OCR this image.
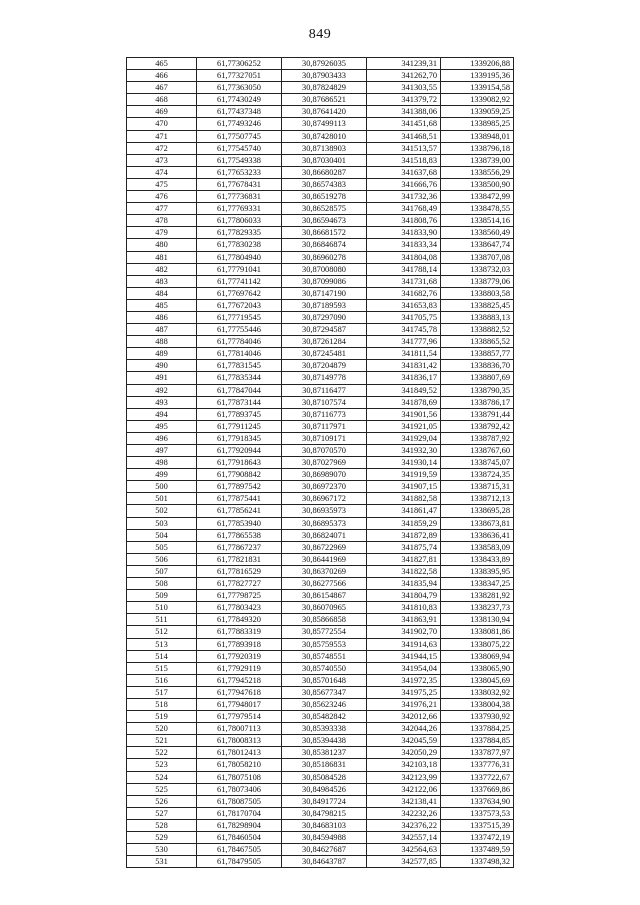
849
465	61,77306252	30,87926035	341239,31	1339206,88
466	61,77327051	30,87903433	341262,70	1339195,36
467	61,77363050	30,87824829	341303,55	1339154,58
468	61,77430249	30,87686521	341379,72	1339082,92
469	61,77437348	30,87641420	341388,06	1339059,25
470	61,77493246	30,87499113	341451,68	1338985,25
471	61,77507745	30,87428010	341468,51	1338948,01
472	61,77545740	30,87138903	341513,57	1338796,18
473	61,77549338	30,87030401	341518,83	1338739,00
474	61,77653233	30,86680287	341637,68	1338556,29
475	61,77678431	30,86574383	341666,76	1338500,90
476	61,77736831	30,86519278	341732,36	1338472,99
477	61,77769331	30,86528575	341768,49	1338478,55
478	61,77806033	30,86594673	341808,76	1338514,16
479	61,77829335	30,86681572	341833,90	1338560,49
480	61,77830238	30,86846874	341833,34	1338647,74
481	61,77804940	30,86960278	341804,08	1338707,08
482	61,77791041	30,87008080	341788,14	1338732,03
483	61,77741142	30,87099086	341731,68	1338779,06
484	61,77697642	30,87147190	341682,76	1338803,58
485	61,77672043	30,87189593	341653,83	1338825,45
486	61,77719545	30,87297090	341705,75	1338883,13
487	61,77755446	30,87294587	341745,78	1338882,52
488	61,77784046	30,87261284	341777,96	1338865,52
489	61,77814046	30,87245481	341811,54	1338857,77
490	61,77831545	30,87204879	341831,42	1338836,70
491	61,77835344	30,87149778	341836,17	1338807,69
492	61,77847044	30,87116477	341849,52	1338790,35
493	61,77873144	30,87107574	341878,69	1338786,17
494	61,77893745	30,87116773	341901,56	1338791,44
495	61,77911245	30,87117971	341921,05	1338792,42
496	61,77918345	30,87109171	341929,04	1338787,92
497	61,77920944	30,87070570	341932,30	1338767,60
498	61,77918643	30,87027969	341930,14	1338745,07
499	61,77908842	30,86989070	341919,59	1338724,35
500	61,77897542	30,86972370	341907,15	1338715,31
501	61,77875441	30,86967172	341882,58	1338712,13
502	61,77856241	30,86935973	341861,47	1338695,28
503	61,77853940	30,86895373	341859,29	1338673,81
504	61,77865538	30,86824071	341872,89	1338636,41
505	61,77867237	30,86722969	341875,74	1338583,09
506	61,77821831	30,86441969	341827,81	1338433,89
507	61,77816529	30,86370269	341822,58	1338395,95
508	61,77827727	30,86277566	341835,94	1338347,25
509	61,77798725	30,86154867	341804,79	1338281,92
510	61,77803423	30,86070965	341810,83	1338237,73
511	61,77849320	30,85866858	341863,91	1338130,94
512	61,77883319	30,85772554	341902,70	1338081,86
513	61,77893918	30,85759553	341914,63	1338075,22
514	61,77920319	30,85748551	341944,15	1338069,94
515	61,77929119	30,85740550	341954,04	1338065,90
516	61,77945218	30,85701648	341972,35	1338045,69
517	61,77947618	30,85677347	341975,25	1338032,92
518	61,77948017	30,85623246	341976,21	1338004,38
519	61,77979514	30,85482842	342012,66	1337930,92
520	61,78007113	30,85393338	342044,26	1337884,25
521	61,78008313	30,85394438	342045,59	1337884,85
522	61,78012413	30,85381237	342050,29	1337877,97
523	61,78058210	30,85186831	342103,18	1337776,31
524	61,78075108	30,85084528	342123,99	1337722,67
525	61,78073406	30,84984526	342122,06	1337669,86
526	61,78087505	30,84917724	342138,41	1337634,90
527	61,78170704	30,84798215	342232,26	1337573,53
528	61,78298904	30,84683103	342376,22	1337515,39
529	61,78460504	30,84594988	342557,14	1337472,19
530	61,78467505	30,84627687	342564,63	1337489,59
531	61,78479505	30,84643787	342577,85	1337498,32
